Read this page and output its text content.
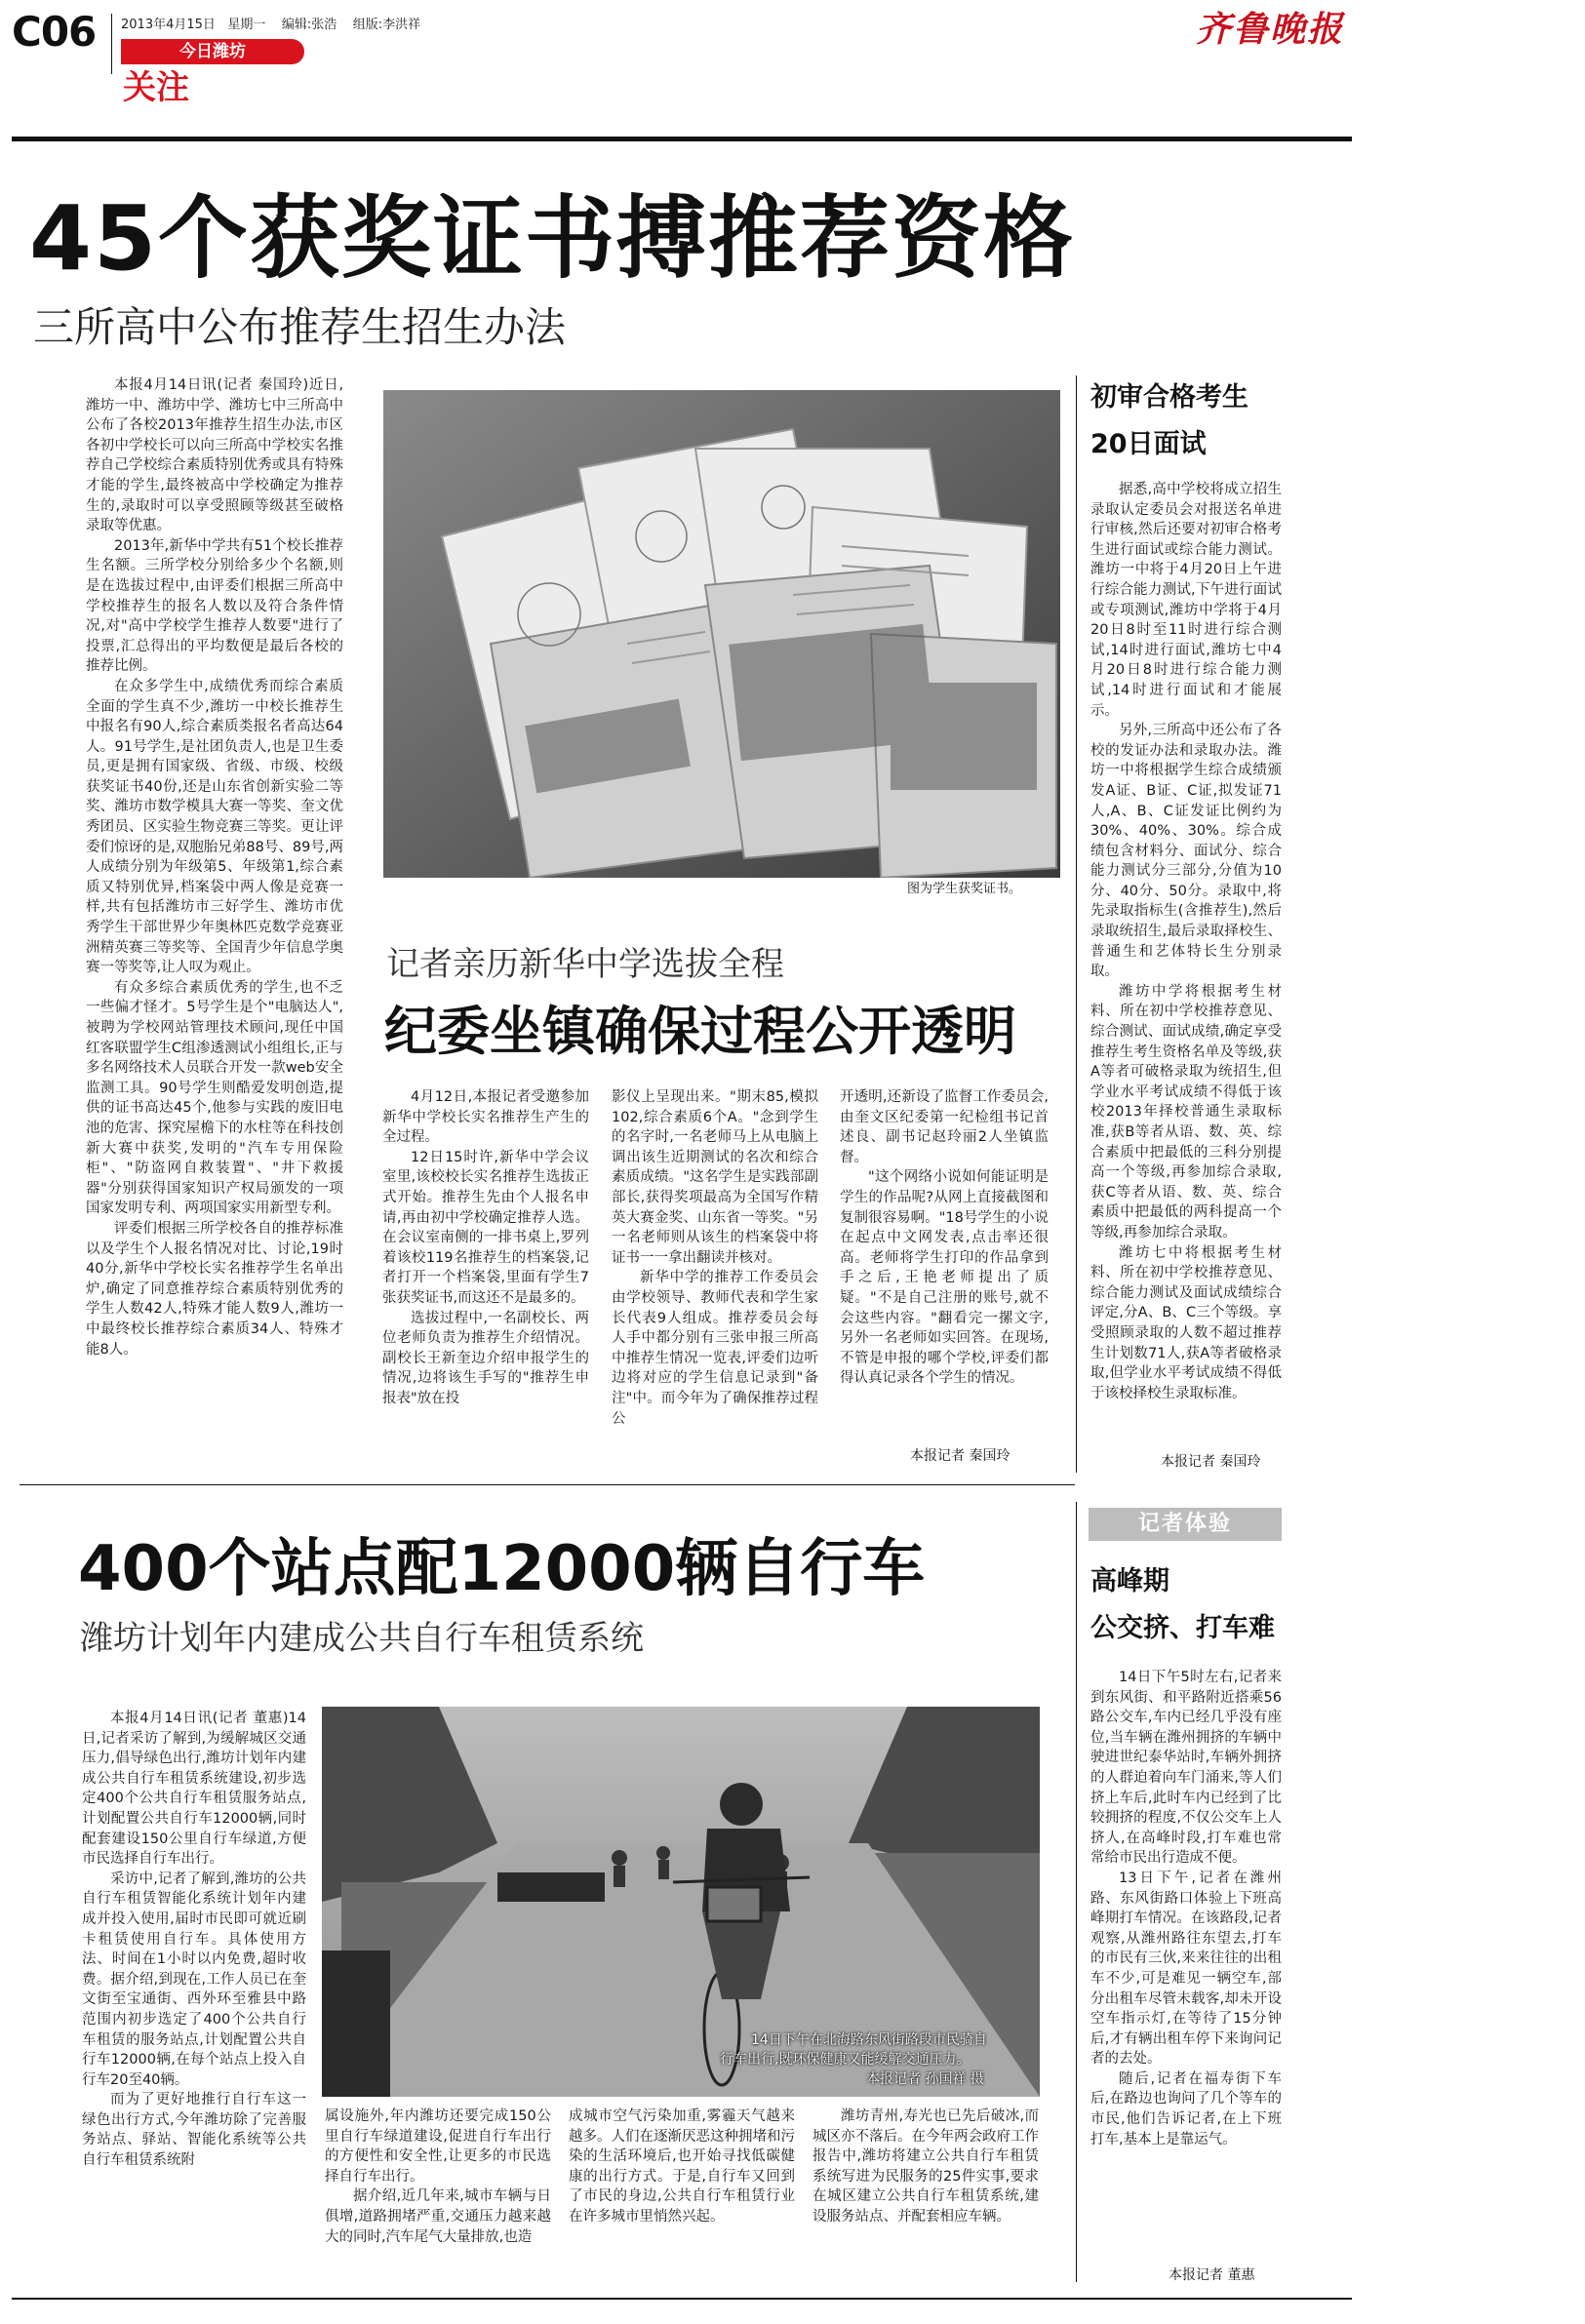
C06 2013年4月15日 星期一 编辑:张浩 组版:李洪祥
今日潍坊
关注
齐鲁晚报
45个获奖证书搏推荐资格
三所高中公布推荐生招生办法

本报4月14日讯(记者 秦国玲)近日,潍坊一中、潍坊中学、潍坊七中三所高中公布了各校2013年推荐生招生办法,市区各初中学校长可以向三所高中学校实名推荐自己学校综合素质特别优秀或具有特殊才能的学生,最终被高中学校确定为推荐生的,录取时可以享受照顾等级甚至破格录取等优惠。

2013年,新华中学共有51个校长推荐生名额。三所学校分别给多少个名额,则是在选拔过程中,由评委们根据三所高中学校推荐生的报名人数以及符合条件情况,对"高中学校学生推荐人数要"进行了投票,汇总得出的平均数便是最后各校的推荐比例。

在众多学生中,成绩优秀而综合素质全面的学生真不少,潍坊一中校长推荐生中报名有90人,综合素质类报名者高达64人。91号学生,是社团负责人,也是卫生委员,更是拥有国家级、省级、市级、校级获奖证书40份,还是山东省创新实验二等奖、潍坊市数学模具大赛一等奖、奎文优秀团员、区实验生物竞赛三等奖。更让评委们惊讶的是,双胞胎兄弟88号、89号,两人成绩分别为年级第5、年级第1,综合素质又特别优异,档案袋中两人像是竞赛一样,共有包括潍坊市三好学生、潍坊市优秀学生干部世界少年奥林匹克数学竞赛亚洲精英赛三等奖等、全国青少年信息学奥赛一等奖等,让人叹为观止。

有众多综合素质优秀的学生,也不乏一些偏才怪才。5号学生是个"电脑达人",被聘为学校网站管理技术顾问,现任中国红客联盟学生C组渗透测试小组组长,正与多名网络技术人员联合开发一款web安全监测工具。90号学生则酷爱发明创造,提供的证书高达45个,他参与实践的废旧电池的危害、探究屋檐下的水柱等在科技创新大赛中获奖,发明的"汽车专用保险柜"、"防盗网自救装置"、"井下救援器"分别获得国家知识产权局颁发的一项国家发明专利、两项国家实用新型专利。

评委们根据三所学校各自的推荐标准以及学生个人报名情况对比、讨论,19时40分,新华中学校长实名推荐学生名单出炉,确定了同意推荐综合素质特别优秀的学生人数42人,特殊才能人数9人,潍坊一中最终校长推荐综合素质34人、特殊才能8人。

图为学生获奖证书。
初审合格考生
20日面试

据悉,高中学校将成立招生录取认定委员会对报送名单进行审核,然后还要对初审合格考生进行面试或综合能力测试。潍坊一中将于4月20日上午进行综合能力测试,下午进行面试或专项测试,潍坊中学将于4月20日8时至11时进行综合测试,14时进行面试,潍坊七中4月20日8时进行综合能力测试,14时进行面试和才能展示。

另外,三所高中还公布了各校的发证办法和录取办法。潍坊一中将根据学生综合成绩颁发A证、B证、C证,拟发证71人,A、B、C证发证比例约为30%、40%、30%。综合成绩包含材料分、面试分、综合能力测试分三部分,分值为10分、40分、50分。录取中,将先录取指标生(含推荐生),然后录取统招生,最后录取择校生、普通生和艺体特长生分别录取。

潍坊中学将根据考生材料、所在初中学校推荐意见、综合测试、面试成绩,确定享受推荐生考生资格名单及等级,获A等者可破格录取为统招生,但学业水平考试成绩不得低于该校2013年择校普通生录取标准,获B等者从语、数、英、综合素质中把最低的三科分别提高一个等级,再参加综合录取,获C等者从语、数、英、综合素质中把最低的两科提高一个等级,再参加综合录取。

潍坊七中将根据考生材料、所在初中学校推荐意见、综合能力测试及面试成绩综合评定,分A、B、C三个等级。享受照顾录取的人数不超过推荐生计划数71人,获A等者破格录取,但学业水平考试成绩不得低于该校择校生录取标准。

本报记者 秦国玲
记者亲历新华中学选拔全程
纪委坐镇确保过程公开透明

4月12日,本报记者受邀参加新华中学校长实名推荐生产生的全过程。

12日15时许,新华中学会议室里,该校校长实名推荐生选拔正式开始。推荐生先由个人报名申请,再由初中学校确定推荐人选。在会议室南侧的一排书桌上,罗列着该校119名推荐生的档案袋,记者打开一个档案袋,里面有学生7张获奖证书,而这还不是最多的。

选拔过程中,一名副校长、两位老师负责为推荐生介绍情况。副校长王新奎边介绍申报学生的情况,边将该生手写的"推荐生申报表"放在投

影仪上呈现出来。"期末85,模拟102,综合素质6个A。"念到学生的名字时,一名老师马上从电脑上调出该生近期测试的名次和综合素质成绩。"这名学生是实践部副部长,获得奖项最高为全国写作精英大赛金奖、山东省一等奖。"另一名老师则从该生的档案袋中将证书一一拿出翻读并核对。

新华中学的推荐工作委员会由学校领导、教师代表和学生家长代表9人组成。推荐委员会每人手中都分别有三张申报三所高中推荐生情况一览表,评委们边听边将对应的学生信息记录到"备注"中。而今年为了确保推荐过程公

开透明,还新设了监督工作委员会,由奎文区纪委第一纪检组书记首述良、副书记赵玲丽2人坐镇监督。

"这个网络小说如何能证明是学生的作品呢?从网上直接截图和复制很容易啊。"18号学生的小说在起点中文网发表,点击率还很高。老师将学生打印的作品拿到手之后,王艳老师提出了质疑。"不是自己注册的账号,就不会这些内容。"翻看完一摞文字,另外一名老师如实回答。在现场,不管是申报的哪个学校,评委们都得认真记录各个学生的情况。

本报记者 秦国玲
400个站点配12000辆自行车
潍坊计划年内建成公共自行车租赁系统

本报4月14日讯(记者 董惠)14日,记者采访了解到,为缓解城区交通压力,倡导绿色出行,潍坊计划年内建成公共自行车租赁系统建设,初步选定400个公共自行车租赁服务站点,计划配置公共自行车12000辆,同时配套建设150公里自行车绿道,方便市民选择自行车出行。

采访中,记者了解到,潍坊的公共自行车租赁智能化系统计划年内建成并投入使用,届时市民即可就近刷卡租赁使用自行车。具体使用方法、时间在1小时以内免费,超时收费。据介绍,到现在,工作人员已在奎文街至宝通街、西外环至雅县中路范围内初步选定了400个公共自行车租赁的服务站点,计划配置公共自行车12000辆,在每个站点上投入自行车20至40辆。

而为了更好地推行自行车这一绿色出行方式,今年潍坊除了完善服务站点、驿站、智能化系统等公共自行车租赁系统附

14日下午在北海路东风街路段市民骑自
行车出行,既环保健康又能缓解交通压力。
本报记者 孙国祥 摄

属设施外,年内潍坊还要完成150公里自行车绿道建设,促进自行车出行的方便性和安全性,让更多的市民选择自行车出行。

据介绍,近几年来,城市车辆与日俱增,道路拥堵严重,交通压力越来越大的同时,汽车尾气大量排放,也造

成城市空气污染加重,雾霾天气越来越多。人们在逐渐厌恶这种拥堵和污染的生活环境后,也开始寻找低碳健康的出行方式。于是,自行车又回到了市民的身边,公共自行车租赁行业在许多城市里悄然兴起。

潍坊青州,寿光也已先后破冰,而城区亦不落后。在今年两会政府工作报告中,潍坊将建立公共自行车租赁系统写进为民服务的25件实事,要求在城区建立公共自行车租赁系统,建设服务站点、并配套相应车辆。

记者体验
高峰期
公交挤、打车难

14日下午5时左右,记者来到东风街、和平路附近搭乘56路公交车,车内已经几乎没有座位,当车辆在潍州拥挤的车辆中驶进世纪泰华站时,车辆外拥挤的人群迫着向车门涌来,等人们挤上车后,此时车内已经到了比较拥挤的程度,不仅公交车上人挤人,在高峰时段,打车难也常常给市民出行造成不便。

13日下午,记者在潍州路、东风街路口体验上下班高峰期打车情况。在该路段,记者观察,从潍州路往东望去,打车的市民有三伙,来来往往的出租车不少,可是难见一辆空车,部分出租车尽管未载客,却未开设空车指示灯,在等待了15分钟后,才有辆出租车停下来询问记者的去处。

随后,记者在福寿街下车后,在路边也询问了几个等车的市民,他们告诉记者,在上下班打车,基本上是靠运气。

本报记者 董惠
